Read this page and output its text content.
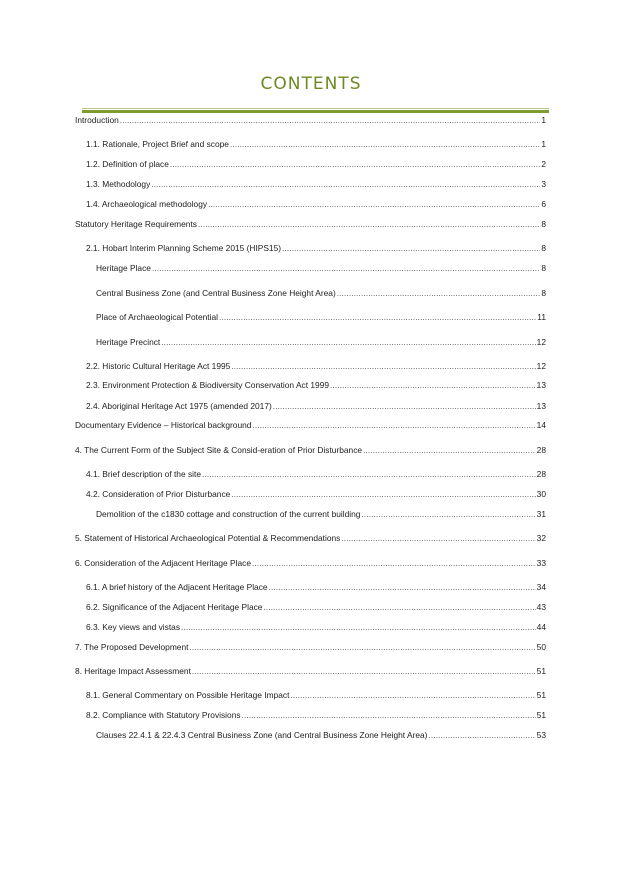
CONTENTS
Introduction .....	1
1.1. Rationale, Project Brief and scope .....	1
1.2. Definition of place .....	2
1.3. Methodology .....	3
1.4. Archaeological methodology .....	6
Statutory Heritage Requirements .....	8
2.1. Hobart Interim Planning Scheme 2015 (HIPS15) .....	8
Heritage Place .....	8
Central Business Zone (and Central Business Zone Height Area) .....	8
Place of Archaeological Potential .....	11
Heritage Precinct .....	12
2.2. Historic Cultural Heritage Act 1995 .....	12
2.3. Environment Protection & Biodiversity Conservation Act 1999 .....	13
2.4. Aboriginal Heritage Act 1975 (amended 2017) .....	13
Documentary Evidence – Historical background .....	14
4. The Current Form of the Subject Site & Consid-eration of Prior Disturbance .....	28
4.1. Brief description of the site .....	28
4.2. Consideration of Prior Disturbance .....	30
Demolition of the c1830 cottage and construction of the current building .....	31
5. Statement of Historical Archaeological Potential & Recommendations .....	32
6. Consideration of the Adjacent Heritage Place .....	33
6.1. A brief history of the Adjacent Heritage Place .....	34
6.2. Significance of the Adjacent Heritage Place .....	43
6.3. Key views and vistas .....	44
7. The Proposed Development .....	50
8. Heritage Impact Assessment .....	51
8.1. General Commentary on Possible Heritage Impact .....	51
8.2. Compliance with Statutory Provisions .....	51
Clauses 22.4.1 & 22.4.3 Central Business Zone (and Central Business Zone Height Area) .....	53
